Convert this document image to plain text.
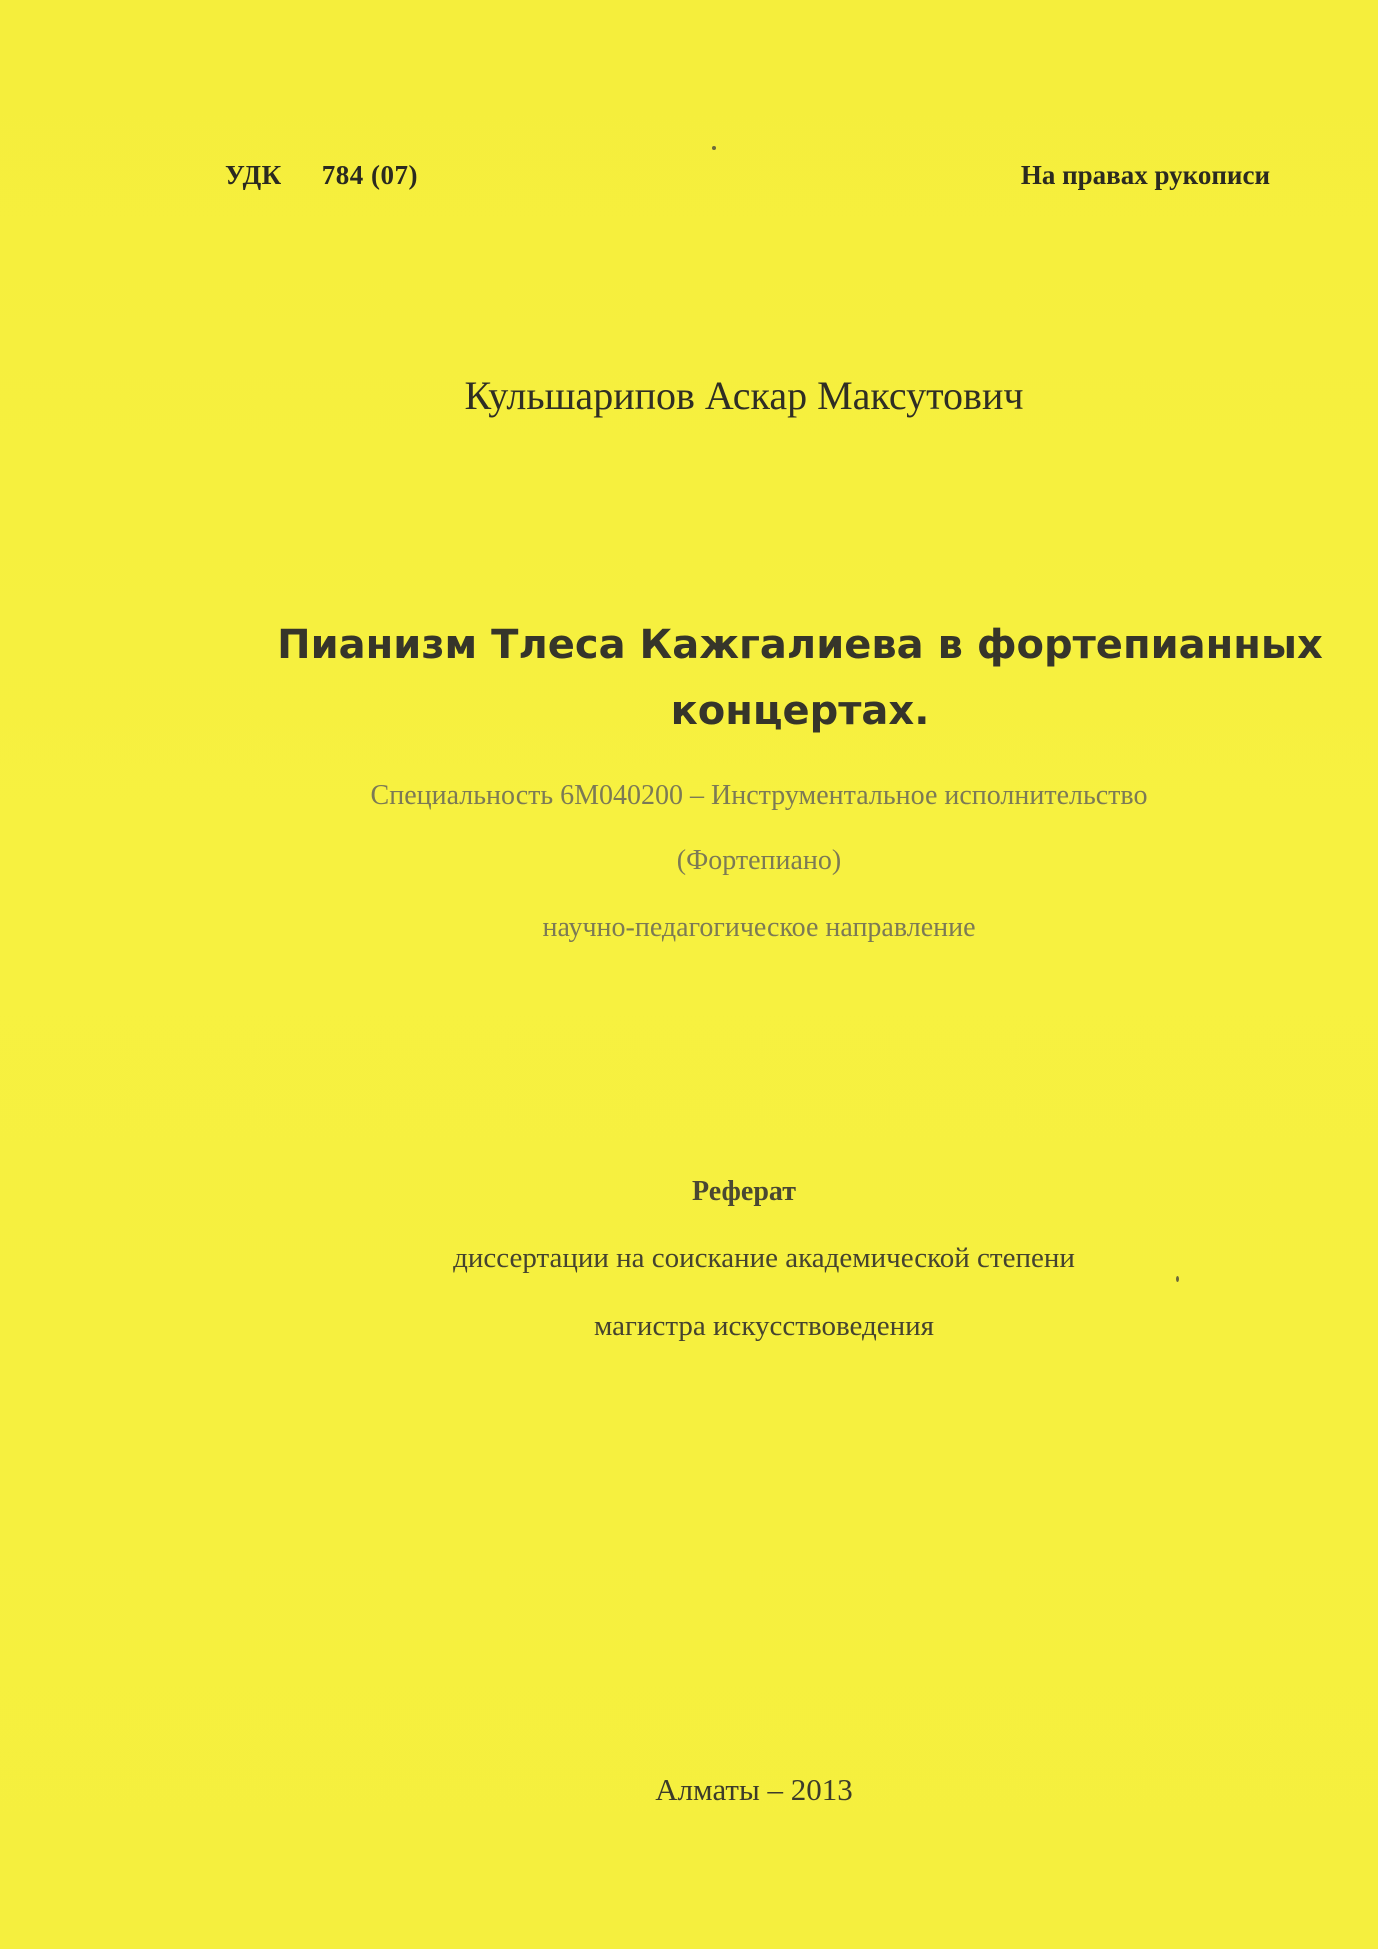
УДК 784 (07)	На правах рукописи
Кульшарипов Аскар Максутович
Пианизм Тлеса Кажгалиева в фортепианных
концертах.
Специальность 6М040200 – Инструментальное исполнительство
(Фортепиано)
научно-педагогическое направление
Реферат
диссертации на соискание академической степени
магистра искусствоведения
Алматы – 2013
